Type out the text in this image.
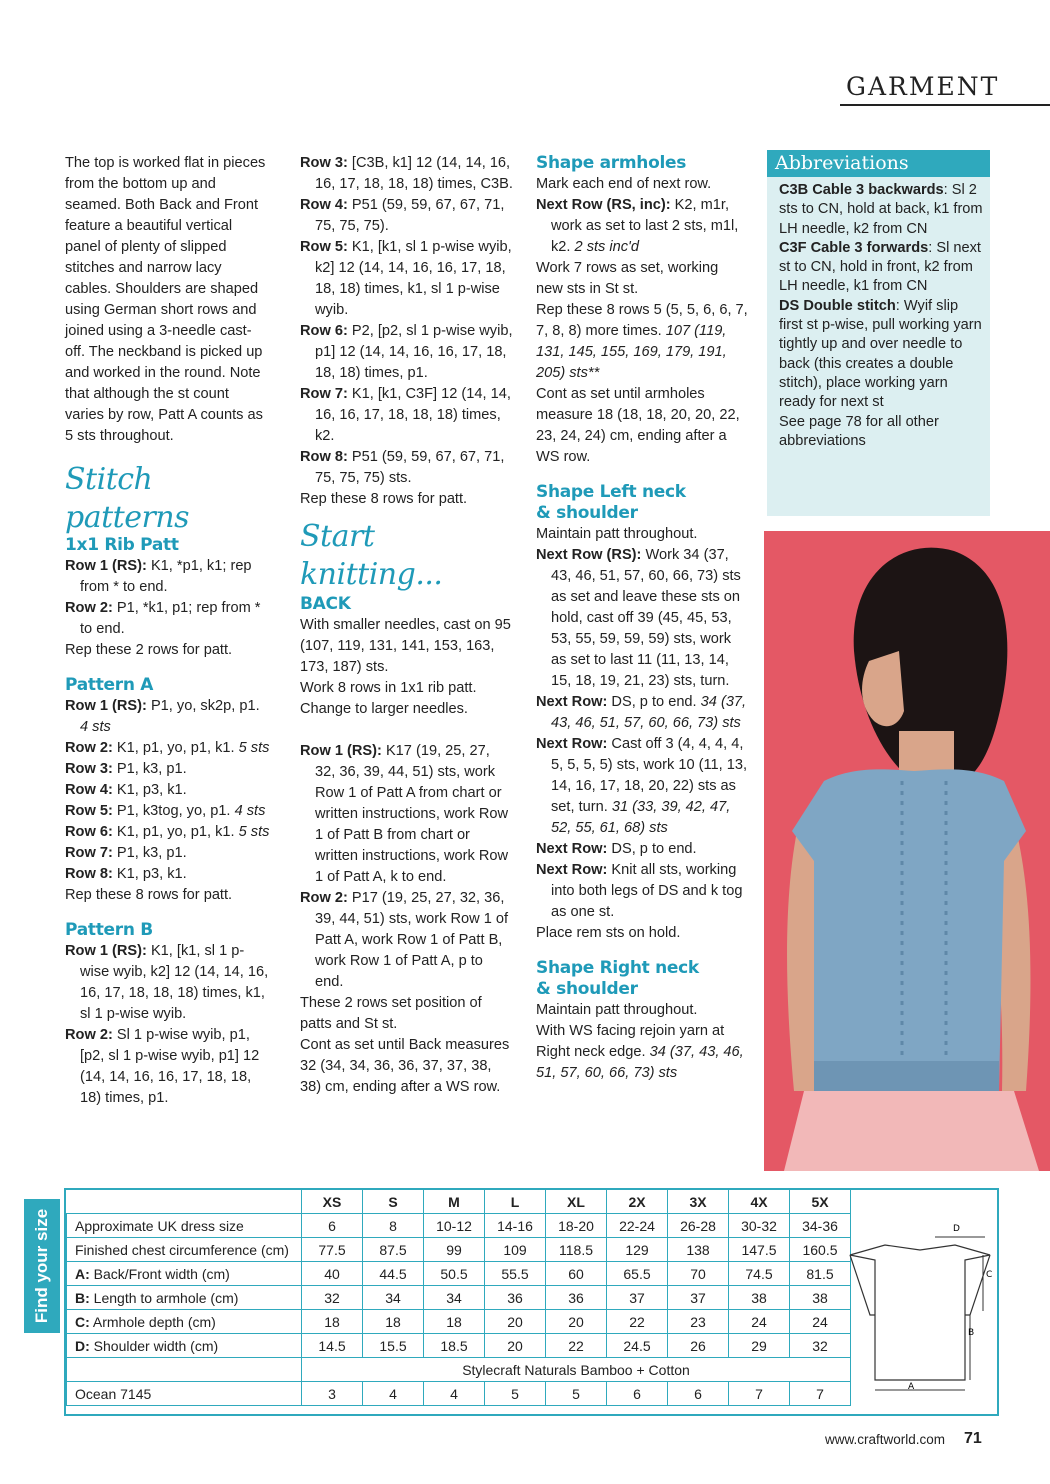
GARMENT

The top is worked flat in pieces from the bottom up and seamed. Both Back and Front feature a beautiful vertical panel of plenty of slipped stitches and narrow lacy cables. Shoulders are shaped using German short rows and joined using a 3-needle cast-off. The neckband is picked up and worked in the round. Note that although the st count varies by row, Patt A counts as 5 sts throughout.

Stitch patterns
1x1 Rib Patt

Row 1 (RS): K1, *p1, k1; rep from * to end.

Row 2: P1, *k1, p1; rep from * to end.

Rep these 2 rows for patt.

Pattern A

Row 1 (RS): P1, yo, sk2p, p1. 4 sts

Row 2: K1, p1, yo, p1, k1. 5 sts

Row 3: P1, k3, p1.

Row 4: K1, p3, k1.

Row 5: P1, k3tog, yo, p1. 4 sts

Row 6: K1, p1, yo, p1, k1. 5 sts

Row 7: P1, k3, p1.

Row 8: K1, p3, k1.

Rep these 8 rows for patt.

Pattern B

Row 1 (RS): K1, [k1, sl 1 p-wise wyib, k2] 12 (14, 14, 16, 16, 17, 18, 18, 18) times, k1, sl 1 p-wise wyib.

Row 2: Sl 1 p-wise wyib, p1, [p2, sl 1 p-wise wyib, p1] 12 (14, 14, 16, 16, 17, 18, 18, 18) times, p1.

Row 3: [C3B, k1] 12 (14, 14, 16, 16, 17, 18, 18, 18) times, C3B.

Row 4: P51 (59, 59, 67, 67, 71, 75, 75, 75).

Row 5: K1, [k1, sl 1 p-wise wyib, k2] 12 (14, 14, 16, 16, 17, 18, 18, 18) times, k1, sl 1 p-wise wyib.

Row 6: P2, [p2, sl 1 p-wise wyib, p1] 12 (14, 14, 16, 16, 17, 18, 18, 18) times, p1.

Row 7: K1, [k1, C3F] 12 (14, 14, 16, 16, 17, 18, 18, 18) times, k2.

Row 8: P51 (59, 59, 67, 67, 71, 75, 75, 75) sts.

Rep these 8 rows for patt.

Start knitting...
BACK

With smaller needles, cast on 95 (107, 119, 131, 141, 153, 163, 173, 187) sts.

Work 8 rows in 1x1 rib patt.

Change to larger needles.

Row 1 (RS): K17 (19, 25, 27, 32, 36, 39, 44, 51) sts, work Row 1 of Patt A from chart or written instructions, work Row 1 of Patt B from chart or written instructions, work Row 1 of Patt A, k to end.

Row 2: P17 (19, 25, 27, 32, 36, 39, 44, 51) sts, work Row 1 of Patt A, work Row 1 of Patt B, work Row 1 of Patt A, p to end.

These 2 rows set position of patts and St st.

Cont as set until Back measures 32 (34, 34, 36, 36, 37, 37, 38, 38) cm, ending after a WS row.

Shape armholes

Mark each end of next row.

Next Row (RS, inc): K2, m1r, work as set to last 2 sts, m1l, k2. 2 sts inc'd

Work 7 rows as set, working new sts in St st.

Rep these 8 rows 5 (5, 5, 6, 6, 7, 7, 8, 8) more times. 107 (119, 131, 145, 155, 169, 179, 191, 205) sts**

Cont as set until armholes measure 18 (18, 18, 20, 20, 22, 23, 24, 24) cm, ending after a WS row.

Shape Left neck
& shoulder

Maintain patt throughout.

Next Row (RS): Work 34 (37, 43, 46, 51, 57, 60, 66, 73) sts as set and leave these sts on hold, cast off 39 (45, 45, 53, 53, 55, 59, 59, 59) sts, work as set to last 11 (11, 13, 14, 15, 18, 19, 21, 23) sts, turn.

Next Row: DS, p to end. 34 (37, 43, 46, 51, 57, 60, 66, 73) sts

Next Row: Cast off 3 (4, 4, 4, 4, 5, 5, 5, 5) sts, work 10 (11, 13, 14, 16, 17, 18, 20, 22) sts as set, turn. 31 (33, 39, 42, 47, 52, 55, 61, 68) sts

Next Row: DS, p to end.

Next Row: Knit all sts, working into both legs of DS and k tog as one st.

Place rem sts on hold.

Shape Right neck
& shoulder

Maintain patt throughout.

With WS facing rejoin yarn at Right neck edge. 34 (37, 43, 46, 51, 57, 60, 66, 73) sts

Abbreviations

C3B Cable 3 backwards: Sl 2 sts to CN, hold at back, k1 from LH needle, k2 from CN

C3F Cable 3 forwards: Sl next st to CN, hold in front, k2 from LH needle, k1 from CN

DS Double stitch: Wyif slip first st p-wise, pull working yarn tightly up and over needle to back (this creates a double stitch), place working yarn ready for next st

See page 78 for all other abbreviations

Find your size
	XS	S	M	L	XL	2X	3X	4X	5X
Approximate UK dress size	6	8	10-12	14-16	18-20	22-24	26-28	30-32	34-36
Finished chest circumference (cm)	77.5	87.5	99	109	118.5	129	138	147.5	160.5
A: Back/Front width (cm)	40	44.5	50.5	55.5	60	65.5	70	74.5	81.5
B: Length to armhole (cm)	32	34	34	36	36	37	37	38	38
C: Armhole depth (cm)	18	18	18	20	20	22	23	24	24
D: Shoulder width (cm)	14.5	15.5	18.5	20	22	24.5	26	29	32
	Stylecraft Naturals Bamboo + Cotton								
Ocean 7145	3	4	4	5	5	6	6	7	7
D
C
B
A
www.craftworld.com 71
